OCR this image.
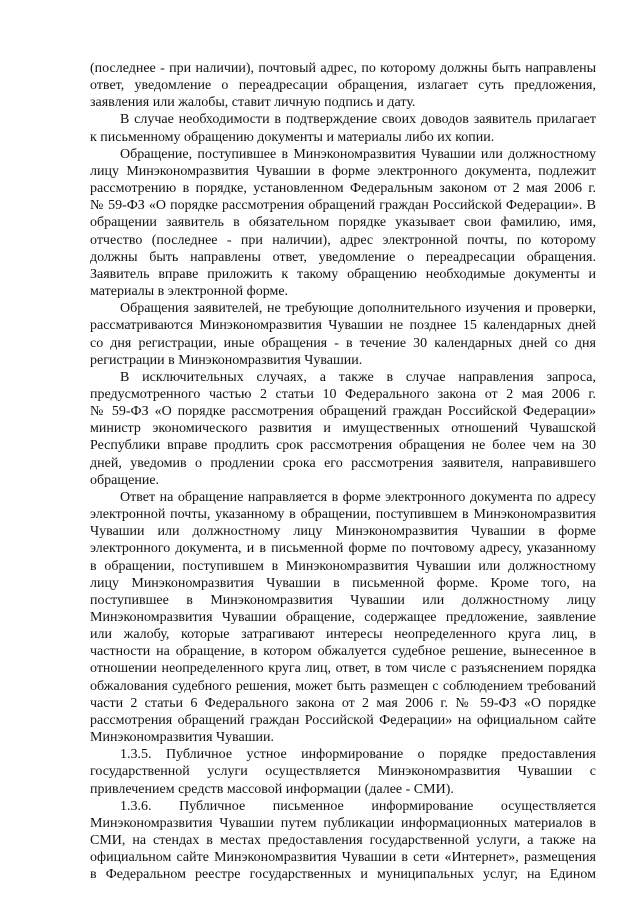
(последнее - при наличии), почтовый адрес, по которому должны быть направлены
ответ, уведомление о переадресации обращения, излагает суть предложения,
заявления или жалобы, ставит личную подпись и дату.
В случае необходимости в подтверждение своих доводов заявитель прилагает
к письменному обращению документы и материалы либо их копии.
Обращение, поступившее в Минэкономразвития Чувашии или должностному
лицу Минэкономразвития Чувашии в форме электронного документа, подлежит
рассмотрению в порядке, установленном Федеральным законом от 2 мая 2006 г.
№ 59-ФЗ «О порядке рассмотрения обращений граждан Российской Федерации». В
обращении заявитель в обязательном порядке указывает свои фамилию, имя,
отчество (последнее - при наличии), адрес электронной почты, по которому
должны быть направлены ответ, уведомление о переадресации обращения.
Заявитель вправе приложить к такому обращению необходимые документы и
материалы в электронной форме.
Обращения заявителей, не требующие дополнительного изучения и проверки,
рассматриваются Минэкономразвития Чувашии не позднее 15 календарных дней
со дня регистрации, иные обращения - в течение 30 календарных дней со дня
регистрации в Минэкономразвития Чувашии.
В исключительных случаях, а также в случае направления запроса,
предусмотренного частью 2 статьи 10 Федерального закона от 2 мая 2006 г.
№ 59-ФЗ «О порядке рассмотрения обращений граждан Российской Федерации»
министр экономического развития и имущественных отношений Чувашской
Республики вправе продлить срок рассмотрения обращения не более чем на 30
дней, уведомив о продлении срока его рассмотрения заявителя, направившего
обращение.
Ответ на обращение направляется в форме электронного документа по адресу
электронной почты, указанному в обращении, поступившем в Минэкономразвития
Чувашии или должностному лицу Минэкономразвития Чувашии в форме
электронного документа, и в письменной форме по почтовому адресу, указанному
в обращении, поступившем в Минэкономразвития Чувашии или должностному
лицу Минэкономразвития Чувашии в письменной форме. Кроме того, на
поступившее в Минэкономразвития Чувашии или должностному лицу
Минэкономразвития Чувашии обращение, содержащее предложение, заявление
или жалобу, которые затрагивают интересы неопределенного круга лиц, в
частности на обращение, в котором обжалуется судебное решение, вынесенное в
отношении неопределенного круга лиц, ответ, в том числе с разъяснением порядка
обжалования судебного решения, может быть размещен с соблюдением требований
части 2 статьи 6 Федерального закона от 2 мая 2006 г. № 59-ФЗ «О порядке
рассмотрения обращений граждан Российской Федерации» на официальном сайте
Минэкономразвития Чувашии.
1.3.5. Публичное устное информирование о порядке предоставления
государственной услуги осуществляется Минэкономразвития Чувашии с
привлечением средств массовой информации (далее - СМИ).
1.3.6. Публичное письменное информирование осуществляется
Минэкономразвития Чувашии путем публикации информационных материалов в
СМИ, на стендах в местах предоставления государственной услуги, а также на
официальном сайте Минэкономразвития Чувашии в сети «Интернет», размещения
в Федеральном реестре государственных и муниципальных услуг, на Едином
